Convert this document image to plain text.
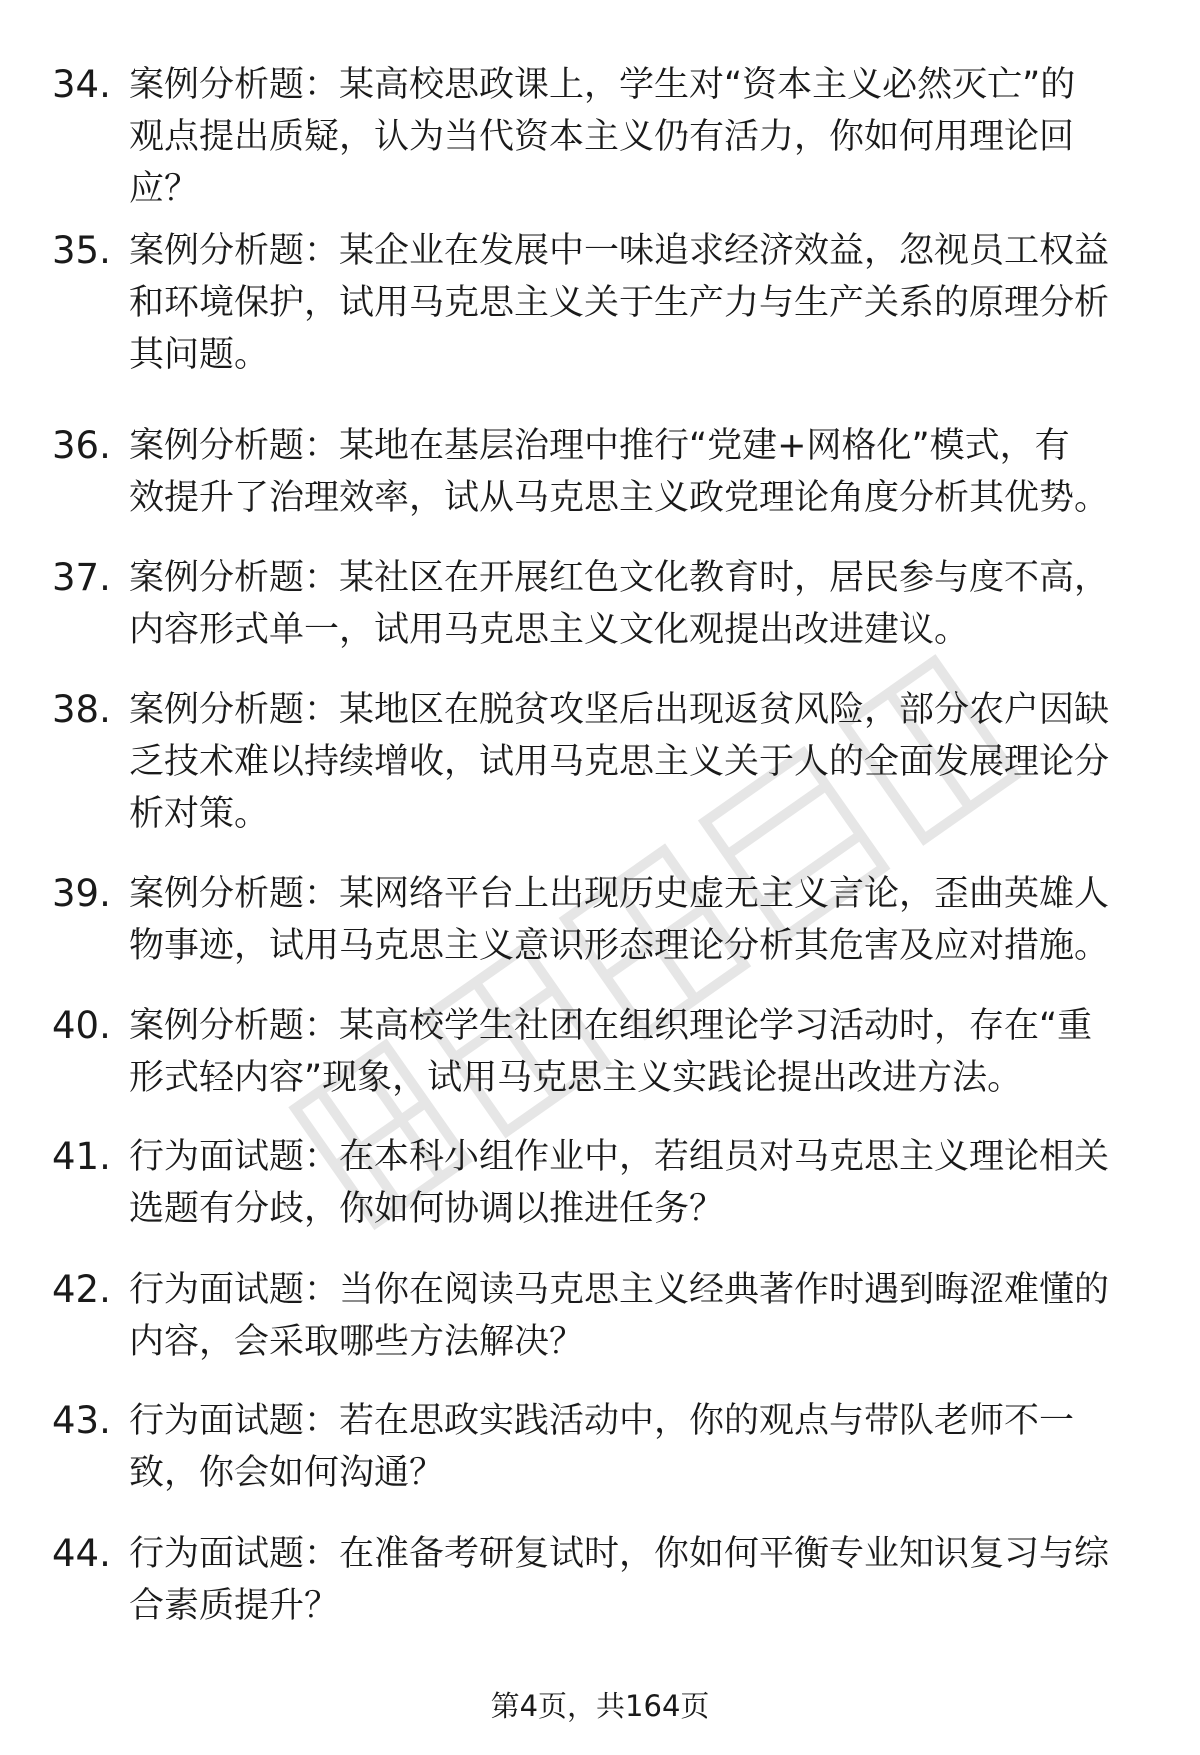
34. 案例分析题：某高校思政课上，学生对“资本主义必然灭亡”的
观点提出质疑，认为当代资本主义仍有活力，你如何用理论回
应？
35. 案例分析题：某企业在发展中一味追求经济效益，忽视员工权益
和环境保护，试用马克思主义关于生产力与生产关系的原理分析
其问题。
36. 案例分析题：某地在基层治理中推行“党建+网格化”模式，有
效提升了治理效率，试从马克思主义政党理论角度分析其优势。
37. 案例分析题：某社区在开展红色文化教育时，居民参与度不高，
内容形式单一，试用马克思主义文化观提出改进建议。
38. 案例分析题：某地区在脱贫攻坚后出现返贫风险，部分农户因缺
乏技术难以持续增收，试用马克思主义关于人的全面发展理论分
析对策。
39. 案例分析题：某网络平台上出现历史虚无主义言论，歪曲英雄人
物事迹，试用马克思主义意识形态理论分析其危害及应对措施。
40. 案例分析题：某高校学生社团在组织理论学习活动时，存在“重
形式轻内容”现象，试用马克思主义实践论提出改进方法。
41. 行为面试题：在本科小组作业中，若组员对马克思主义理论相关
选题有分歧，你如何协调以推进任务？
42. 行为面试题：当你在阅读马克思主义经典著作时遇到晦涩难懂的
内容，会采取哪些方法解决？
43. 行为面试题：若在思政实践活动中，你的观点与带队老师不一
致，你会如何沟通？
44. 行为面试题：在准备考研复试时，你如何平衡专业知识复习与综
合素质提升？
第4页，共164页
